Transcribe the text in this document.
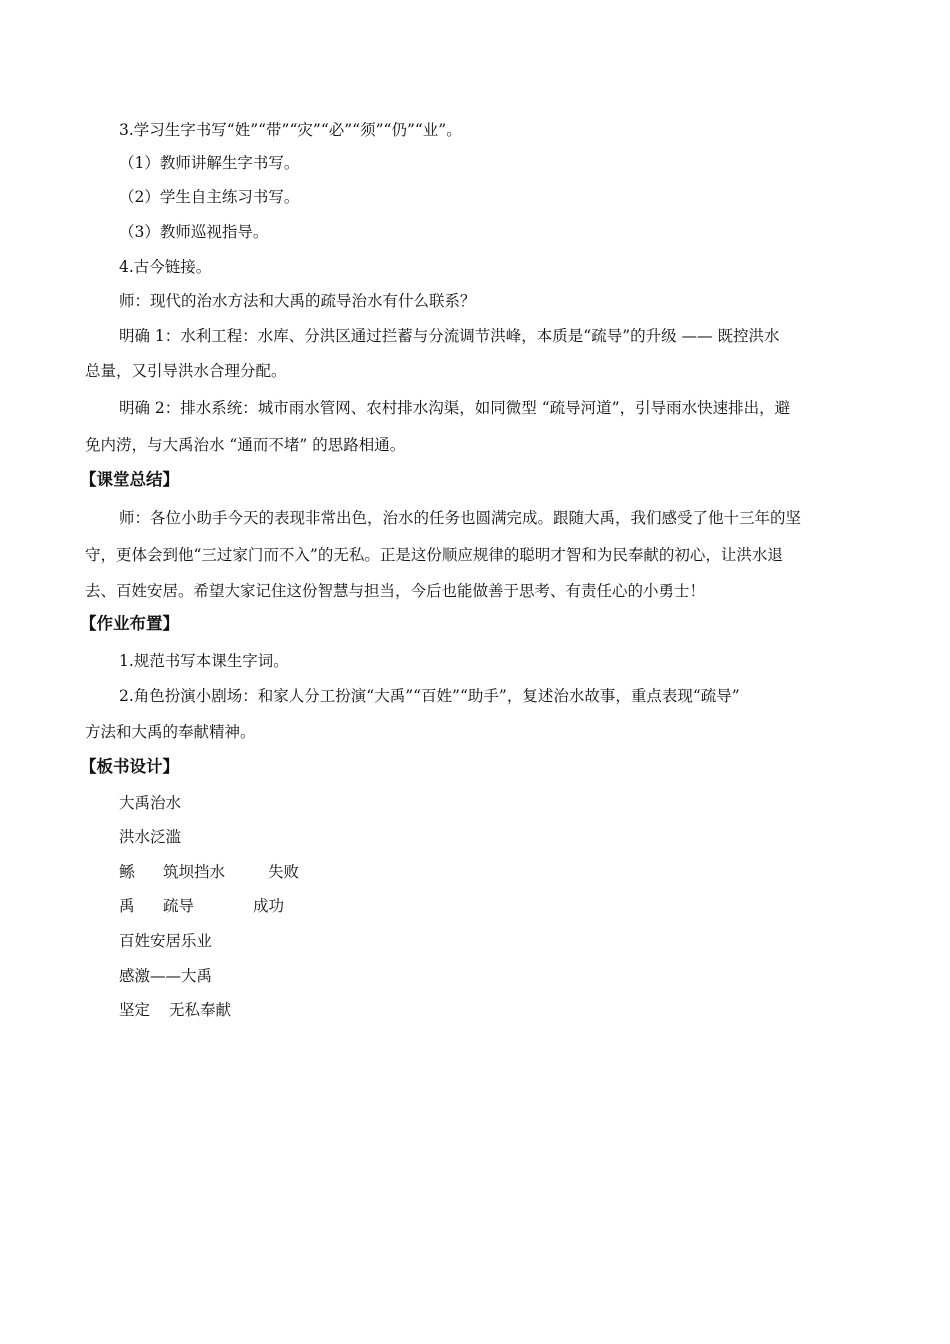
3.学习生字书写“姓”“带”“灾”“必”“须”“仍”“业”。
（1）教师讲解生字书写。
（2）学生自主练习书写。
（3）教师巡视指导。
4.古今链接。
师：现代的治水方法和大禹的疏导治水有什么联系？
明确 1：水利工程：水库、分洪区通过拦蓄与分流调节洪峰，本质是“疏导”的升级 —— 既控洪水
总量，又引导洪水合理分配。
明确 2：排水系统：城市雨水管网、农村排水沟渠，如同微型 “疏导河道”，引导雨水快速排出，避
免内涝，与大禹治水 “通而不堵” 的思路相通。
【课堂总结】
师：各位小助手今天的表现非常出色，治水的任务也圆满完成。跟随大禹，我们感受了他十三年的坚
守，更体会到他“三过家门而不入”的无私。正是这份顺应规律的聪明才智和为民奉献的初心，让洪水退
去、百姓安居。希望大家记住这份智慧与担当，今后也能做善于思考、有责任心的小勇士！
【作业布置】
1.规范书写本课生字词。
2.角色扮演小剧场：和家人分工扮演“大禹”“百姓”“助手”，复述治水故事，重点表现“疏导”
方法和大禹的奉献精神。
【板书设计】
大禹治水
洪水泛滥
鲧 筑坝挡水	失败
禹 疏导	成功
百姓安居乐业
感激——大禹
坚定 无私奉献
